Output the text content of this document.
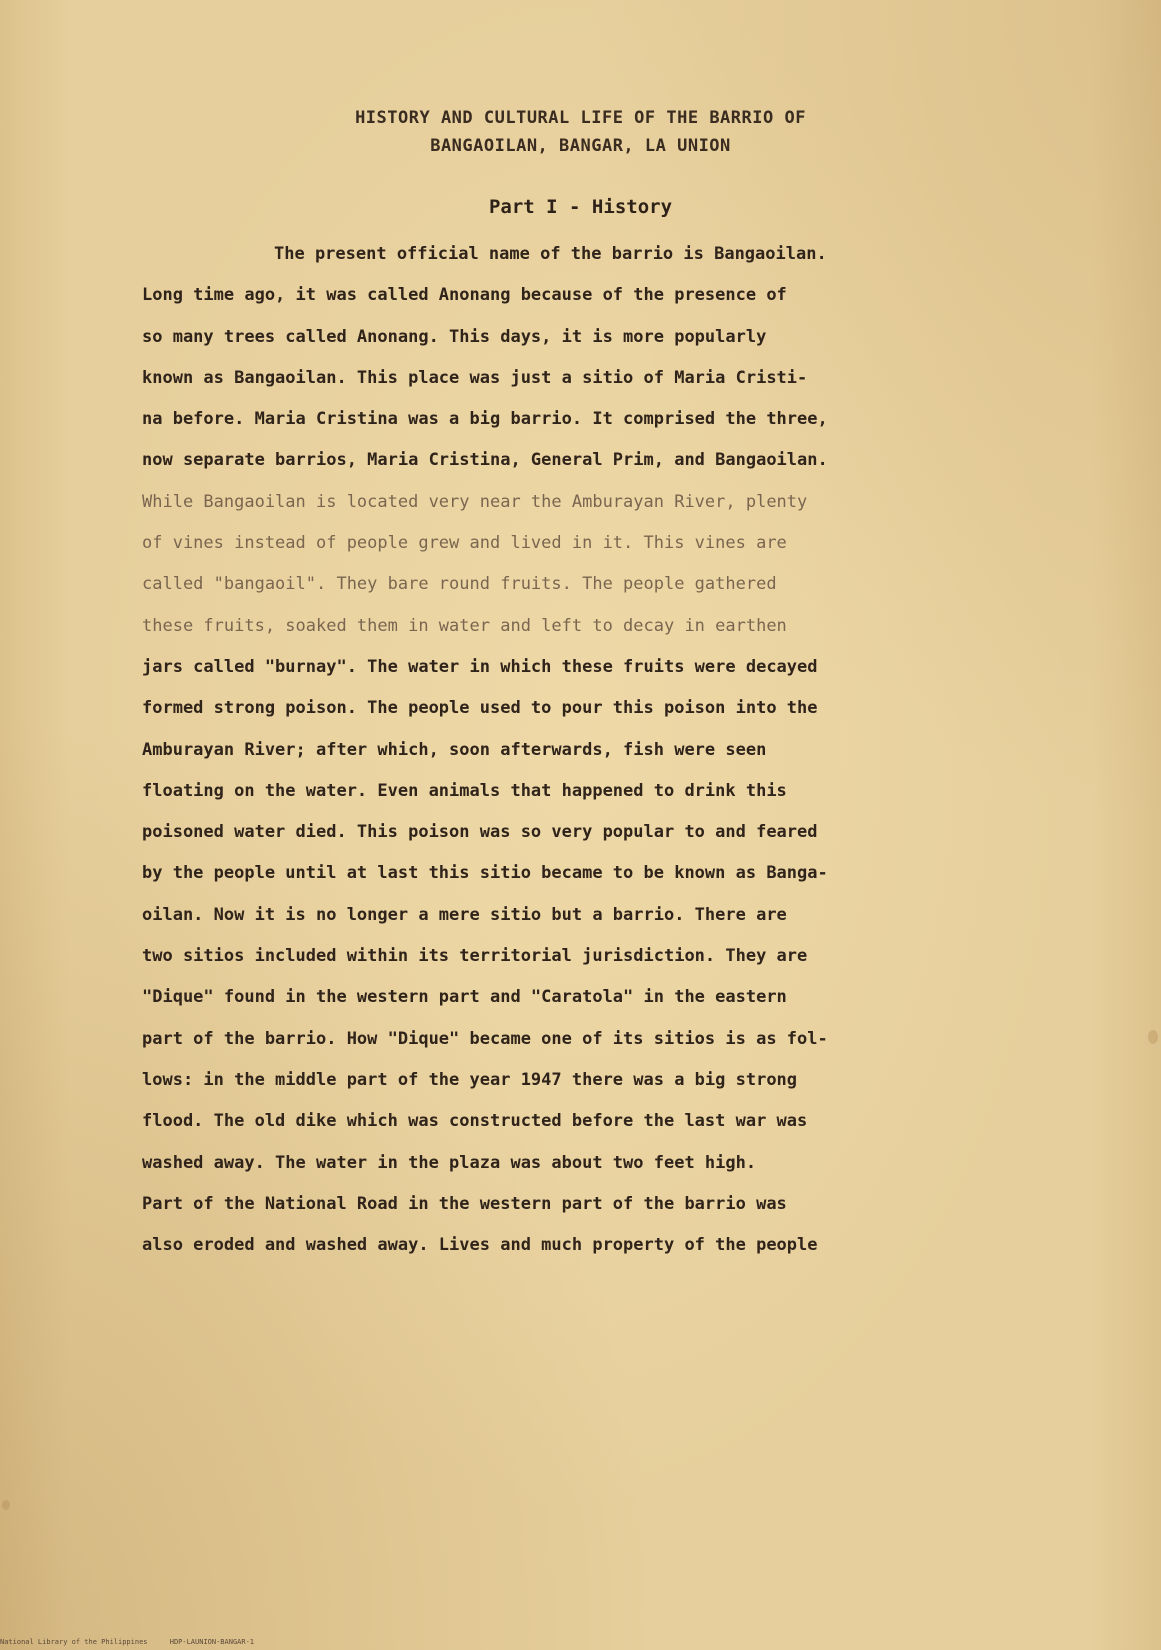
HISTORY AND CULTURAL LIFE OF THE BARRIO OF
BANGAOILAN, BANGAR, LA UNION
Part I - History
The present official name of the barrio is Bangaoilan.
Long time ago, it was called Anonang because of the presence of
so many trees called Anonang. This days, it is more popularly
known as Bangaoilan. This place was just a sitio of Maria Cristi-
na before. Maria Cristina was a big barrio. It comprised the three,
now separate barrios, Maria Cristina, General Prim, and Bangaoilan.
While Bangaoilan is located very near the Amburayan River, plenty
of vines instead of people grew and lived in it. This vines are
called "bangaoil". They bare round fruits. The people gathered
these fruits, soaked them in water and left to decay in earthen
jars called "burnay". The water in which these fruits were decayed
formed strong poison. The people used to pour this poison into the
Amburayan River; after which, soon afterwards, fish were seen
floating on the water. Even animals that happened to drink this
poisoned water died. This poison was so very popular to and feared
by the people until at last this sitio became to be known as Banga-
oilan. Now it is no longer a mere sitio but a barrio. There are
two sitios included within its territorial jurisdiction. They are
"Dique" found in the western part and "Caratola" in the eastern
part of the barrio. How "Dique" became one of its sitios is as fol-
lows: in the middle part of the year 1947 there was a big strong
flood. The old dike which was constructed before the last war was
washed away. The water in the plaza was about two feet high.
Part of the National Road in the western part of the barrio was
also eroded and washed away. Lives and much property of the people
National Library of the Philippines	HDP-LAUNION-BANGAR-1
